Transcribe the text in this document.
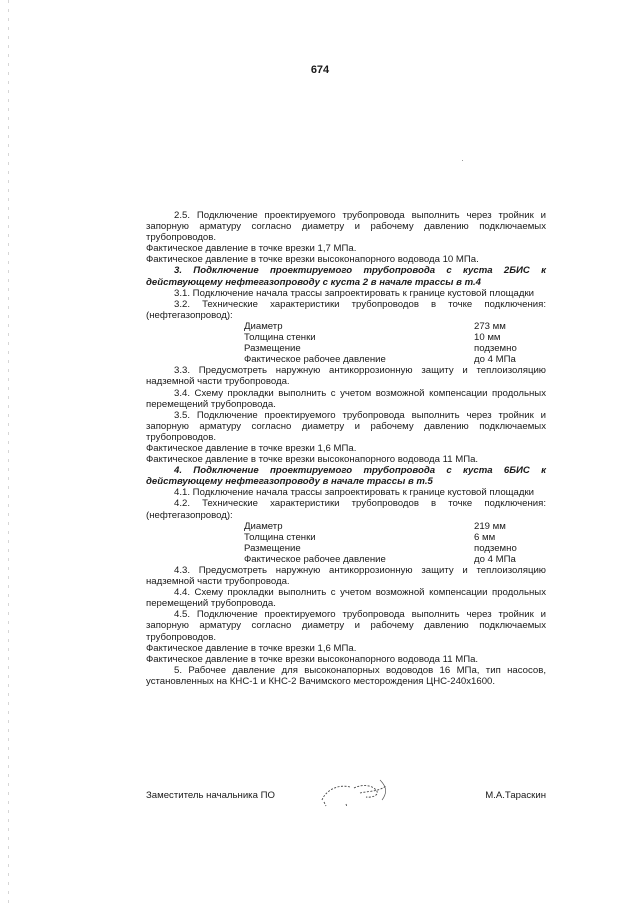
674

2.5. Подключение проектируемого трубопровода выполнить через тройник и запорную арматуру согласно диаметру и рабочему давлению подключаемых трубопроводов.

Фактическое давление в точке врезки 1,7 МПа.

Фактическое давление в точке врезки высоконапорного водовода 10 МПа.

3. Подключение проектируемого трубопровода с куста 2БИС к действующему нефтегазопроводу с куста 2 в начале трассы в т.4

3.1. Подключение начала трассы запроектировать к границе кустовой площадки

3.2. Технические характеристики трубопроводов в точке подключения: (нефтегазопровод):

Диаметр	273 мм
Толщина стенки	10 мм
Размещение	подземно
Фактическое рабочее давление	до 4 МПа

3.3. Предусмотреть наружную антикоррозионную защиту и теплоизоляцию надземной части трубопровода.

3.4. Схему прокладки выполнить с учетом возможной компенсации продольных перемещений трубопровода.

3.5. Подключение проектируемого трубопровода выполнить через тройник и запорную арматуру согласно диаметру и рабочему давлению подключаемых трубопроводов.

Фактическое давление в точке врезки 1,6 МПа.

Фактическое давление в точке врезки высоконапорного водовода 11 МПа.

4. Подключение проектируемого трубопровода с куста 6БИС к действующему нефтегазопроводу в начале трассы в т.5

4.1. Подключение начала трассы запроектировать к границе кустовой площадки

4.2. Технические характеристики трубопроводов в точке подключения: (нефтегазопровод):

Диаметр	219 мм
Толщина стенки	6 мм
Размещение	подземно
Фактическое рабочее давление	до 4 МПа

4.3. Предусмотреть наружную антикоррозионную защиту и теплоизоляцию надземной части трубопровода.

4.4. Схему прокладки выполнить с учетом возможной компенсации продольных перемещений трубопровода.

4.5. Подключение проектируемого трубопровода выполнить через тройник и запорную арматуру согласно диаметру и рабочему давлению подключаемых трубопроводов.

Фактическое давление в точке врезки 1,6 МПа.

Фактическое давление в точке врезки высоконапорного водовода 11 МПа.

5. Рабочее давление для высоконапорных водоводов 16 МПа, тип насосов, установленных на КНС-1 и КНС-2 Вачимского месторождения ЦНС-240х1600.

Заместитель начальника ПО	М.А.Тараскин
